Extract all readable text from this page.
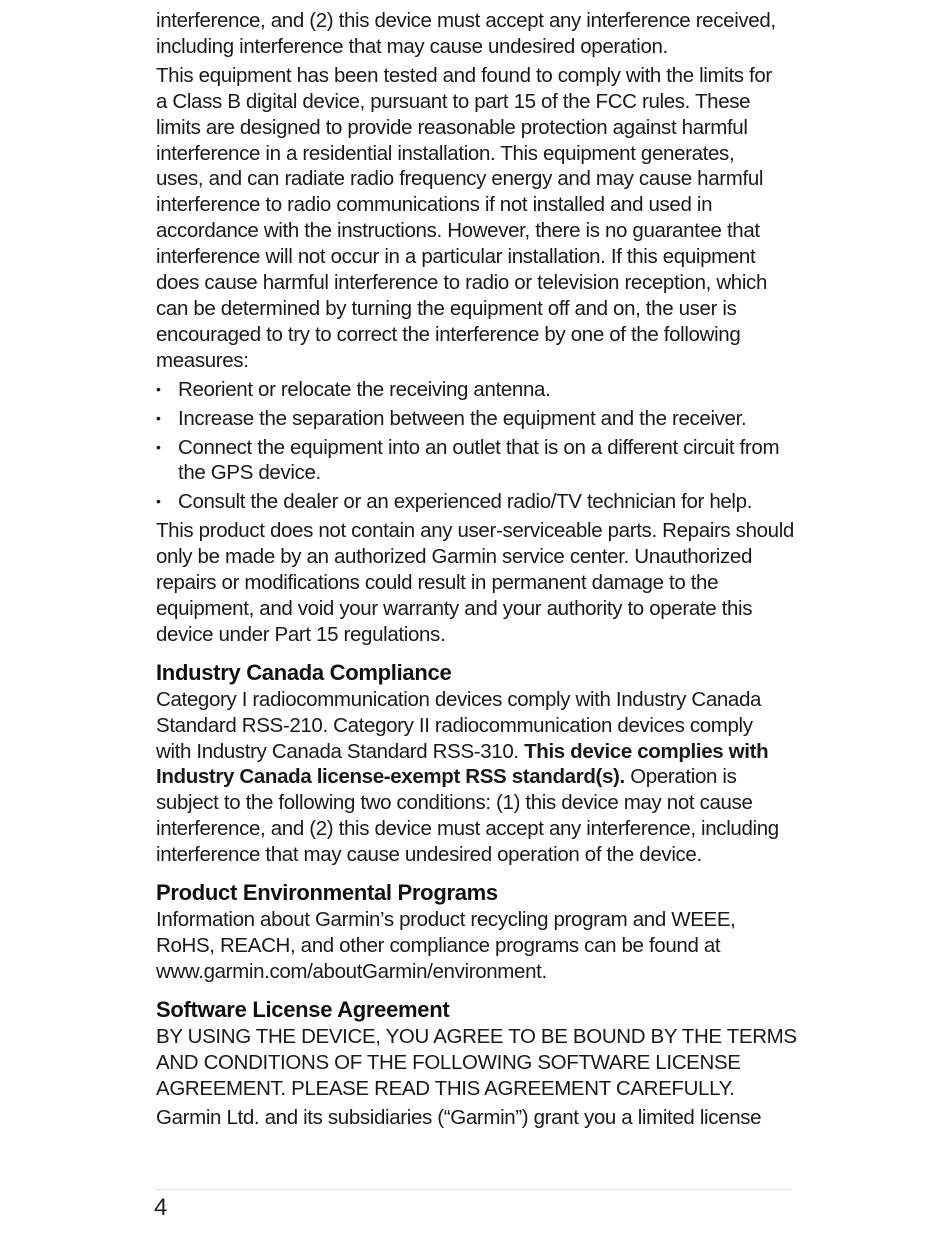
interference, and (2) this device must accept any interference received,
including interference that may cause undesired operation.
This equipment has been tested and found to comply with the limits for
a Class B digital device, pursuant to part 15 of the FCC rules. These
limits are designed to provide reasonable protection against harmful
interference in a residential installation. This equipment generates,
uses, and can radiate radio frequency energy and may cause harmful
interference to radio communications if not installed and used in
accordance with the instructions. However, there is no guarantee that
interference will not occur in a particular installation. If this equipment
does cause harmful interference to radio or television reception, which
can be determined by turning the equipment off and on, the user is
encouraged to try to correct the interference by one of the following
measures:
• Reorient or relocate the receiving antenna.
• Increase the separation between the equipment and the receiver.
• Connect the equipment into an outlet that is on a different circuit from
the GPS device.
• Consult the dealer or an experienced radio/TV technician for help.
This product does not contain any user-serviceable parts. Repairs should
only be made by an authorized Garmin service center. Unauthorized
repairs or modifications could result in permanent damage to the
equipment, and void your warranty and your authority to operate this
device under Part 15 regulations.
Industry Canada Compliance
Category I radiocommunication devices comply with Industry Canada
Standard RSS-210. Category II radiocommunication devices comply
with Industry Canada Standard RSS-310. This device complies with
Industry Canada license-exempt RSS standard(s). Operation is
subject to the following two conditions: (1) this device may not cause
interference, and (2) this device must accept any interference, including
interference that may cause undesired operation of the device.
Product Environmental Programs
Information about Garmin’s product recycling program and WEEE,
RoHS, REACH, and other compliance programs can be found at
www.garmin.com/aboutGarmin/environment.
Software License Agreement
BY USING THE DEVICE, YOU AGREE TO BE BOUND BY THE TERMS
AND CONDITIONS OF THE FOLLOWING SOFTWARE LICENSE
AGREEMENT. PLEASE READ THIS AGREEMENT CAREFULLY.
Garmin Ltd. and its subsidiaries (“Garmin”) grant you a limited license
4
